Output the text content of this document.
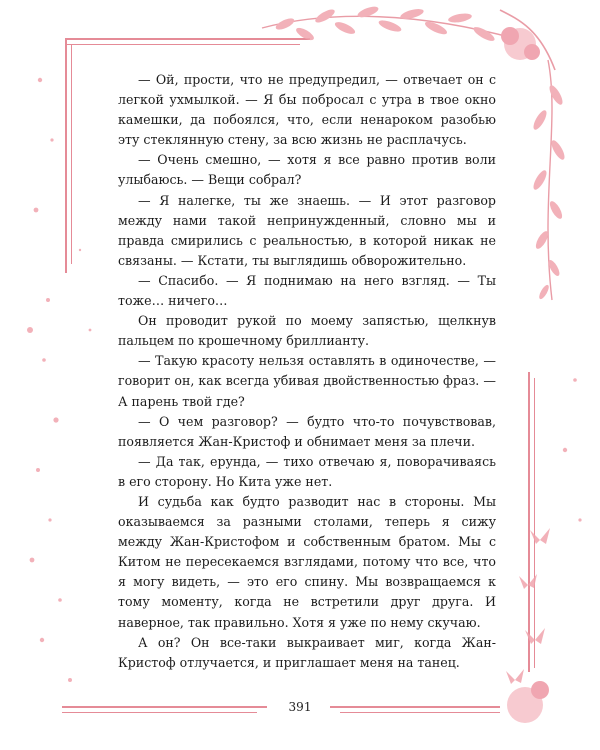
— Ой, прости, что не предупредил, — отвечает он с легкой ухмылкой. — Я бы побросал с утра в твое окно камешки, да побоялся, что, если ненароком разобью эту стеклянную стену, за всю жизнь не расплачусь.

— Очень смешно, — хотя я все равно против воли улыбаюсь. — Вещи собрал?

— Я налегке, ты же знаешь. — И этот разговор между нами такой непринужденный, словно мы и правда смирились с реальностью, в которой никак не связаны. — Кстати, ты выглядишь обворожительно.

— Спасибо. — Я поднимаю на него взгляд. — Ты тоже… ничего…

Он проводит рукой по моему запястью, щелкнув пальцем по крошечному бриллианту.

— Такую красоту нельзя оставлять в одиночестве, — говорит он, как всегда убивая двойственностью фраз. — А парень твой где?

— О чем разговор? — будто что-то почувствовав, появляется Жан-Кристоф и обнимает меня за плечи.

— Да так, ерунда, — тихо отвечаю я, поворачиваясь в его сторону. Но Кита уже нет.

И судьба как будто разводит нас в стороны. Мы оказываемся за разными столами, теперь я сижу между Жан-Кристофом и собственным братом. Мы с Китом не пересекаемся взглядами, потому что все, что я могу видеть, — это его спину. Мы возвращаемся к тому моменту, когда не встретили друг друга. И наверное, так правильно. Хотя я уже по нему скучаю.

А он? Он все-таки выкраивает миг, когда Жан-Кристоф отлучается, и приглашает меня на танец.

391
